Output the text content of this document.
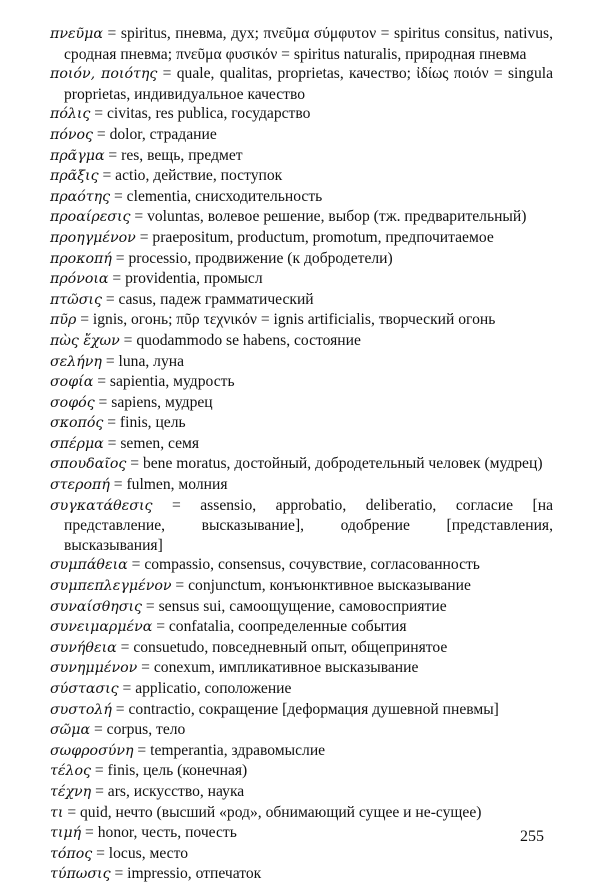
πνεῦμα = spiritus, пневма, дух; πνεῦμα σύμφυτον = spiritus consitus, nativus, сродная пневма; πνεῦμα φυσικόν = spiritus naturalis, природная пневма

ποιόν, ποιότης = quale, qualitas, proprietas, качество; ἰδίως ποιόν = singula proprietas, индивидуальное качество

πόλις = civitas, res publica, государство

πόνος = dolor, страдание

πρᾶγμα = res, вещь, предмет

πρᾶξις = actio, действие, поступок

πραότης = clementia, снисходительность

προαίρεσις = voluntas, волевое решение, выбор (тж. предварительный)

προηγμένον = praepositum, productum, promotum, предпочитаемое

προκοπή = processio, продвижение (к добродетели)

πρόνοια = providentia, промысл

πτῶσις = casus, падеж грамматический

πῦρ = ignis, огонь; πῦρ τεχνικόν = ignis artificialis, творческий огонь

πὼς ἔχων = quodammodo se habens, состояние

σελήνη = luna, луна

σοφία = sapientia, мудрость

σοφός = sapiens, мудрец

σκοπός = finis, цель

σπέρμα = semen, семя

σπουδαῖος = bene moratus, достойный, добродетельный человек (мудрец)

στεροπή = fulmen, молния

συγκατάθεσις = assensio, approbatio, deliberatio, согласие [на представление, высказывание], одобрение [представления, высказывания]

συμπάθεια = compassio, consensus, сочувствие, согласованность

συμπεπλεγμένον = conjunctum, конъюнктивное высказывание

συναίσθησις = sensus sui, самоощущение, самовосприятие

συνειμαρμένα = confatalia, соопределенные события

συνήθεια = consuetudo, повседневный опыт, общепринятое

συνημμένον = conexum, импликативное высказывание

σύστασις = applicatio, соположение

συστολή = contractio, сокращение [деформация душевной пневмы]

σῶμα = corpus, тело

σωφροσύνη = temperantia, здравомыслие

τέλος = finis, цель (конечная)

τέχνη = ars, искусство, наука

τι = quid, нечто (высший «род», обнимающий сущее и не-сущее)

τιμή = honor, честь, почесть

τόπος = locus, место

τύπωσις = impressio, отпечаток

255
